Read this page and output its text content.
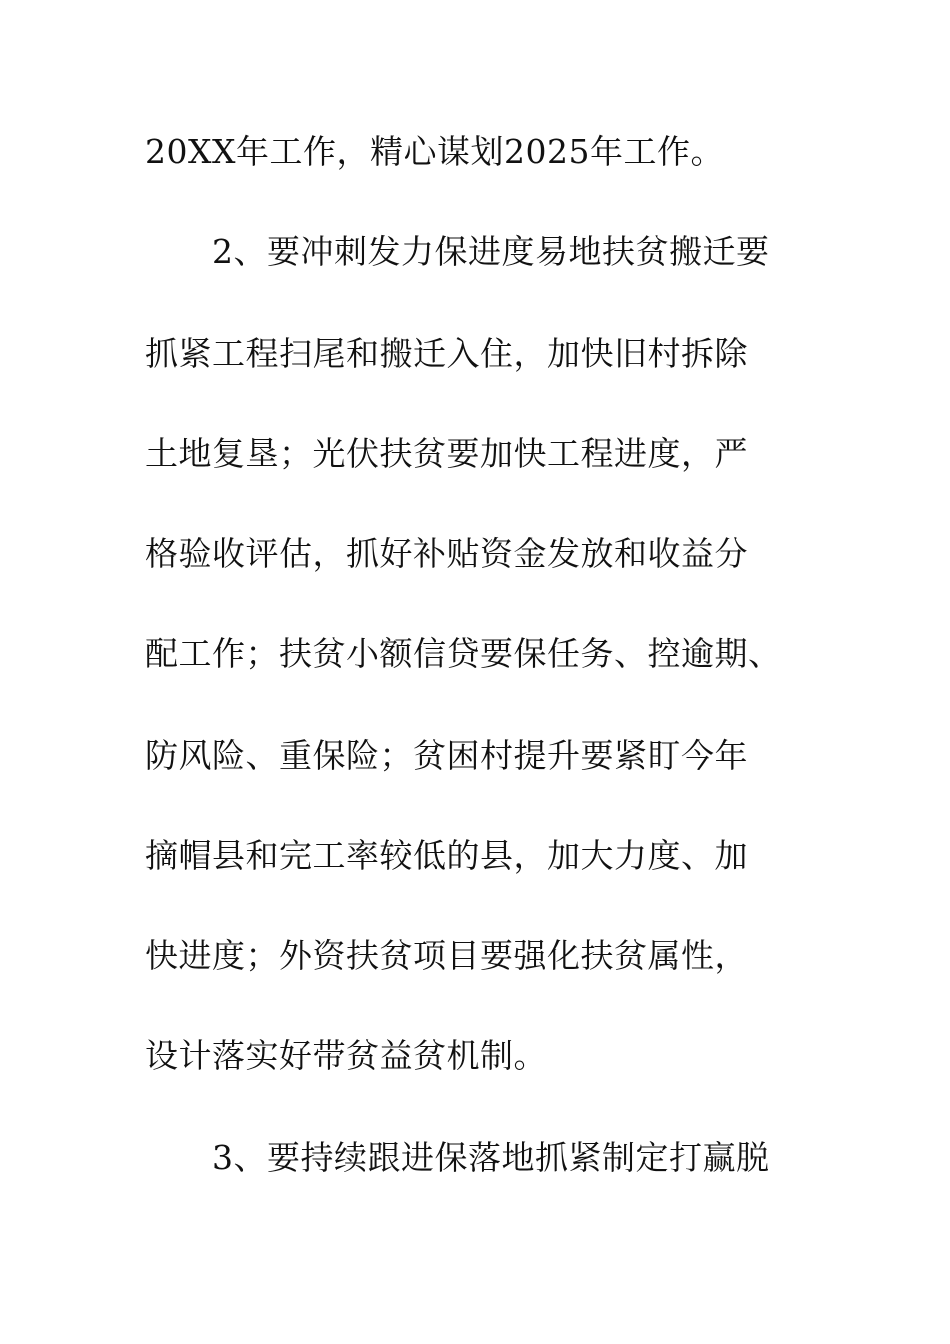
20XX年工作，精心谋划2025年工作。
2、要冲刺发力保进度易地扶贫搬迁要
抓紧工程扫尾和搬迁入住，加快旧村拆除
土地复垦；光伏扶贫要加快工程进度，严
格验收评估，抓好补贴资金发放和收益分
配工作；扶贫小额信贷要保任务、控逾期、
防风险、重保险；贫困村提升要紧盯今年
摘帽县和完工率较低的县，加大力度、加
快进度；外资扶贫项目要强化扶贫属性，
设计落实好带贫益贫机制。
3、要持续跟进保落地抓紧制定打赢脱
